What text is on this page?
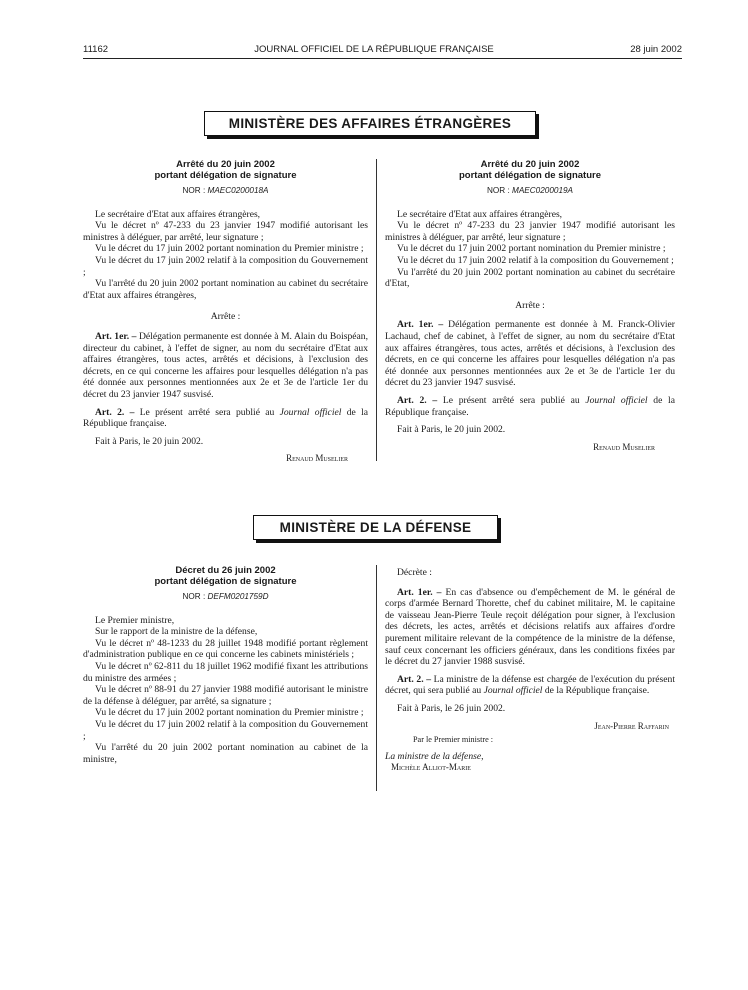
11162	JOURNAL OFFICIEL DE LA RÉPUBLIQUE FRANÇAISE	28 juin 2002
MINISTÈRE DES AFFAIRES ÉTRANGÈRES
Arrêté du 20 juin 2002
portant délégation de signature
NOR : MAEC0200018A

Le secrétaire d'Etat aux affaires étrangères,

Vu le décret nº 47-233 du 23 janvier 1947 modifié autorisant les ministres à déléguer, par arrêté, leur signature ;

Vu le décret du 17 juin 2002 portant nomination du Premier ministre ;

Vu le décret du 17 juin 2002 relatif à la composition du Gouvernement ;

Vu l'arrêté du 20 juin 2002 portant nomination au cabinet du secrétaire d'Etat aux affaires étrangères,

Arrête :

Art. 1er. – Délégation permanente est donnée à M. Alain du Boispéan, directeur du cabinet, à l'effet de signer, au nom du secrétaire d'Etat aux affaires étrangères, tous actes, arrêtés et décisions, à l'exclusion des décrets, en ce qui concerne les affaires pour lesquelles délégation n'a pas été donnée aux personnes mentionnées aux 2e et 3e de l'article 1er du décret du 23 janvier 1947 susvisé.

Art. 2. – Le présent arrêté sera publié au Journal officiel de la République française.

Fait à Paris, le 20 juin 2002.

Renaud Muselier

Arrêté du 20 juin 2002
portant délégation de signature
NOR : MAEC0200019A

Le secrétaire d'Etat aux affaires étrangères,

Vu le décret nº 47-233 du 23 janvier 1947 modifié autorisant les ministres à déléguer, par arrêté, leur signature ;

Vu le décret du 17 juin 2002 portant nomination du Premier ministre ;

Vu le décret du 17 juin 2002 relatif à la composition du Gouvernement ;

Vu l'arrêté du 20 juin 2002 portant nomination au cabinet du secrétaire d'Etat,

Arrête :

Art. 1er. – Délégation permanente est donnée à M. Franck-Olivier Lachaud, chef de cabinet, à l'effet de signer, au nom du secrétaire d'Etat aux affaires étrangères, tous actes, arrêtés et décisions, à l'exclusion des décrets, en ce qui concerne les affaires pour lesquelles délégation n'a pas été donnée aux personnes mentionnées aux 2e et 3e de l'article 1er du décret du 23 janvier 1947 susvisé.

Art. 2. – Le présent arrêté sera publié au Journal officiel de la République française.

Fait à Paris, le 20 juin 2002.

Renaud Muselier

MINISTÈRE DE LA DÉFENSE
Décret du 26 juin 2002
portant délégation de signature
NOR : DEFM0201759D

Le Premier ministre,

Sur le rapport de la ministre de la défense,

Vu le décret nº 48-1233 du 28 juillet 1948 modifié portant règlement d'administration publique en ce qui concerne les cabinets ministériels ;

Vu le décret nº 62-811 du 18 juillet 1962 modifié fixant les attributions du ministre des armées ;

Vu le décret nº 88-91 du 27 janvier 1988 modifié autorisant le ministre de la défense à déléguer, par arrêté, sa signature ;

Vu le décret du 17 juin 2002 portant nomination du Premier ministre ;

Vu le décret du 17 juin 2002 relatif à la composition du Gouvernement ;

Vu l'arrêté du 20 juin 2002 portant nomination au cabinet de la ministre,

Décrète :

Art. 1er. – En cas d'absence ou d'empêchement de M. le général de corps d'armée Bernard Thorette, chef du cabinet militaire, M. le capitaine de vaisseau Jean-Pierre Teule reçoit délégation pour signer, à l'exclusion des décrets, les actes, arrêtés et décisions relatifs aux affaires d'ordre purement militaire relevant de la compétence de la ministre de la défense, sauf ceux concernant les officiers généraux, dans les conditions fixées par le décret du 27 janvier 1988 susvisé.

Art. 2. – La ministre de la défense est chargée de l'exécution du présent décret, qui sera publié au Journal officiel de la République française.

Fait à Paris, le 26 juin 2002.

Jean-Pierre Raffarin

Par le Premier ministre :

La ministre de la défense,

Michèle Alliot-Marie
